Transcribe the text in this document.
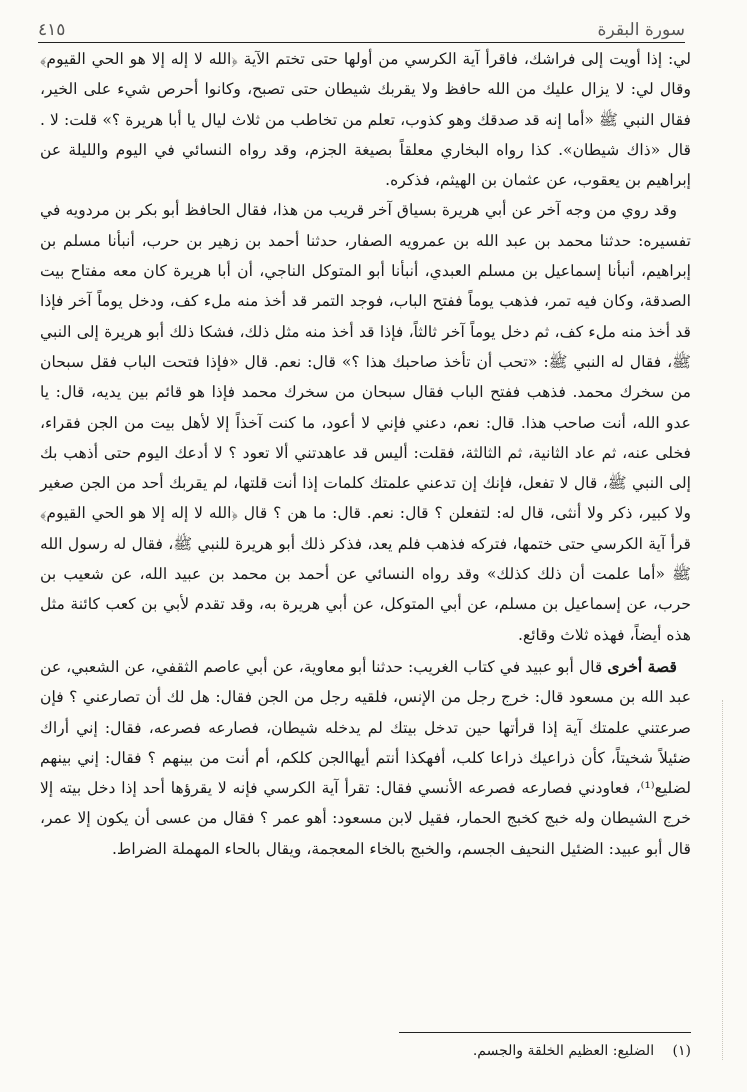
٤١٥	سورة البقرة

لي: إذا أويت إلى فراشك، فاقرأ آية الكرسي من أولها حتى تختم الآية ﴿الله لا إله إلا هو الحي القيوم﴾ وقال لي: لا يزال عليك من الله حافظ ولا يقربك شيطان حتى تصبح، وكانوا أحرص شيء على الخير، فقال النبي ﷺ «أما إنه قد صدقك وهو كذوب، تعلم من تخاطب من ثلاث ليال يا أبا هريرة ؟» قلت: لا . قال «ذاك شيطان». كذا رواه البخاري معلقاً بصيغة الجزم، وقد رواه النسائي في اليوم والليلة عن إبراهيم بن يعقوب، عن عثمان بن الهيثم، فذكره.

وقد روي من وجه آخر عن أبي هريرة بسياق آخر قريب من هذا، فقال الحافظ أبو بكر بن مردويه في تفسيره: حدثنا محمد بن عبد الله بن عمرويه الصفار، حدثنا أحمد بن زهير بن حرب، أنبأنا مسلم بن إبراهيم، أنبأنا إسماعيل بن مسلم العبدي، أنبأنا أبو المتوكل الناجي، أن أبا هريرة كان معه مفتاح بيت الصدقة، وكان فيه تمر، فذهب يوماً ففتح الباب، فوجد التمر قد أخذ منه ملء كف، ودخل يوماً آخر فإذا قد أخذ منه ملء كف، ثم دخل يوماً آخر ثالثاً، فإذا قد أخذ منه مثل ذلك، فشكا ذلك أبو هريرة إلى النبي ﷺ، فقال له النبي ﷺ: «تحب أن تأخذ صاحبك هذا ؟» قال: نعم. قال «فإذا فتحت الباب فقل سبحان من سخرك محمد. فذهب ففتح الباب فقال سبحان من سخرك محمد فإذا هو قائم بين يديه، قال: يا عدو الله، أنت صاحب هذا. قال: نعم، دعني فإني لا أعود، ما كنت آخذاً إلا لأهل بيت من الجن فقراء، فخلى عنه، ثم عاد الثانية، ثم الثالثة، فقلت: أليس قد عاهدتني ألا تعود ؟ لا أدعك اليوم حتى أذهب بك إلى النبي ﷺ، قال لا تفعل، فإنك إن تدعني علمتك كلمات إذا أنت قلتها، لم يقربك أحد من الجن صغير ولا كبير، ذكر ولا أنثى، قال له: لتفعلن ؟ قال: نعم. قال: ما هن ؟ قال ﴿الله لا إله إلا هو الحي القيوم﴾ قرأ آية الكرسي حتى ختمها، فتركه فذهب فلم يعد، فذكر ذلك أبو هريرة للنبي ﷺ، فقال له رسول الله ﷺ «أما علمت أن ذلك كذلك» وقد رواه النسائي عن أحمد بن محمد بن عبيد الله، عن شعيب بن حرب، عن إسماعيل بن مسلم، عن أبي المتوكل، عن أبي هريرة به، وقد تقدم لأبي بن كعب كائنة مثل هذه أيضاً، فهذه ثلاث وقائع.

قصة أخرى قال أبو عبيد في كتاب الغريب: حدثنا أبو معاوية، عن أبي عاصم الثقفي، عن الشعبي، عن عبد الله بن مسعود قال: خرج رجل من الإنس، فلقيه رجل من الجن فقال: هل لك أن تصارعني ؟ فإن صرعتني علمتك آية إذا قرأتها حين تدخل بيتك لم يدخله شيطان، فصارعه فصرعه، فقال: إني أراك ضئيلاً شخيتاً، كأن ذراعيك ذراعا كلب، أفهكذا أنتم أيهاالجن كلكم، أم أنت من بينهم ؟ فقال: إني بينهم لضليع⁽¹⁾، فعاودني فصارعه فصرعه الأنسي فقال: تقرأ آية الكرسي فإنه لا يقرؤها أحد إذا دخل بيته إلا خرج الشيطان وله خبج كخبج الحمار، فقيل لابن مسعود: أهو عمر ؟ فقال من عسى أن يكون إلا عمر، قال أبو عبيد: الضئيل النحيف الجسم، والخبج بالخاء المعجمة، ويقال بالحاء المهملة الضراط.

(١) الضليع: العظيم الخلقة والجسم.
